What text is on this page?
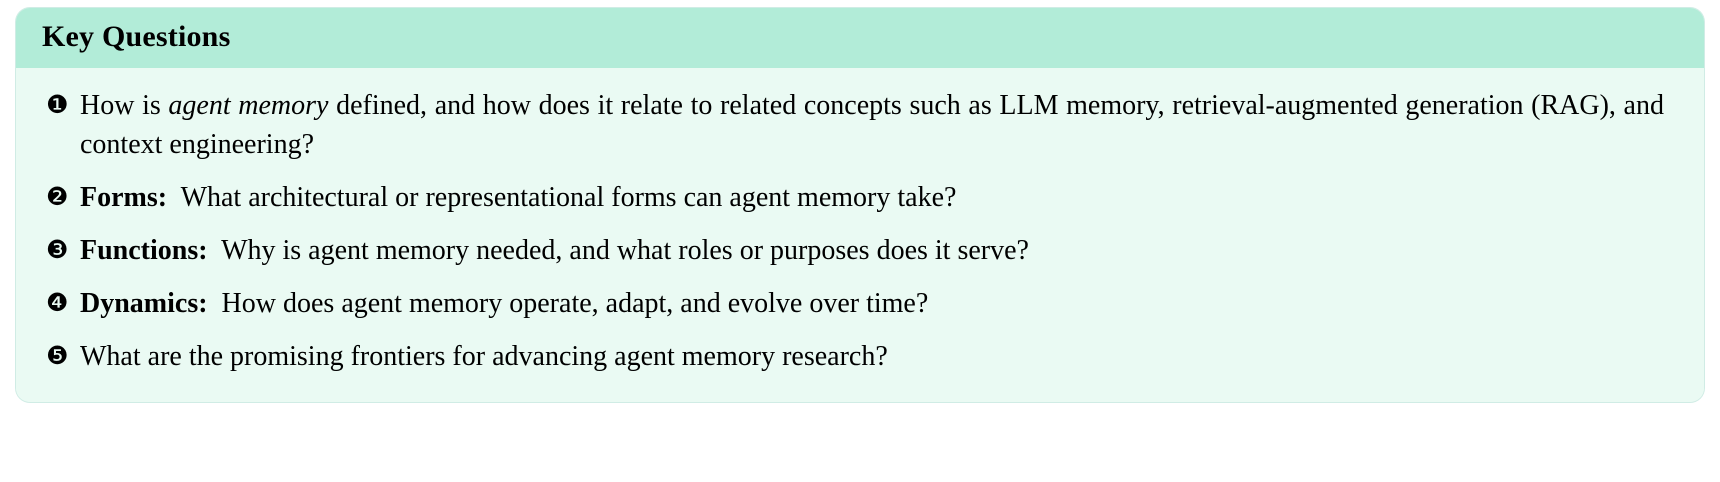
Key Questions
❶ How is agent memory defined, and how does it relate to related concepts such as LLM memory, retrieval-augmented generation (RAG), and context engineering?
❷ Forms: What architectural or representational forms can agent memory take?
❸ Functions: Why is agent memory needed, and what roles or purposes does it serve?
❹ Dynamics: How does agent memory operate, adapt, and evolve over time?
❺ What are the promising frontiers for advancing agent memory research?
